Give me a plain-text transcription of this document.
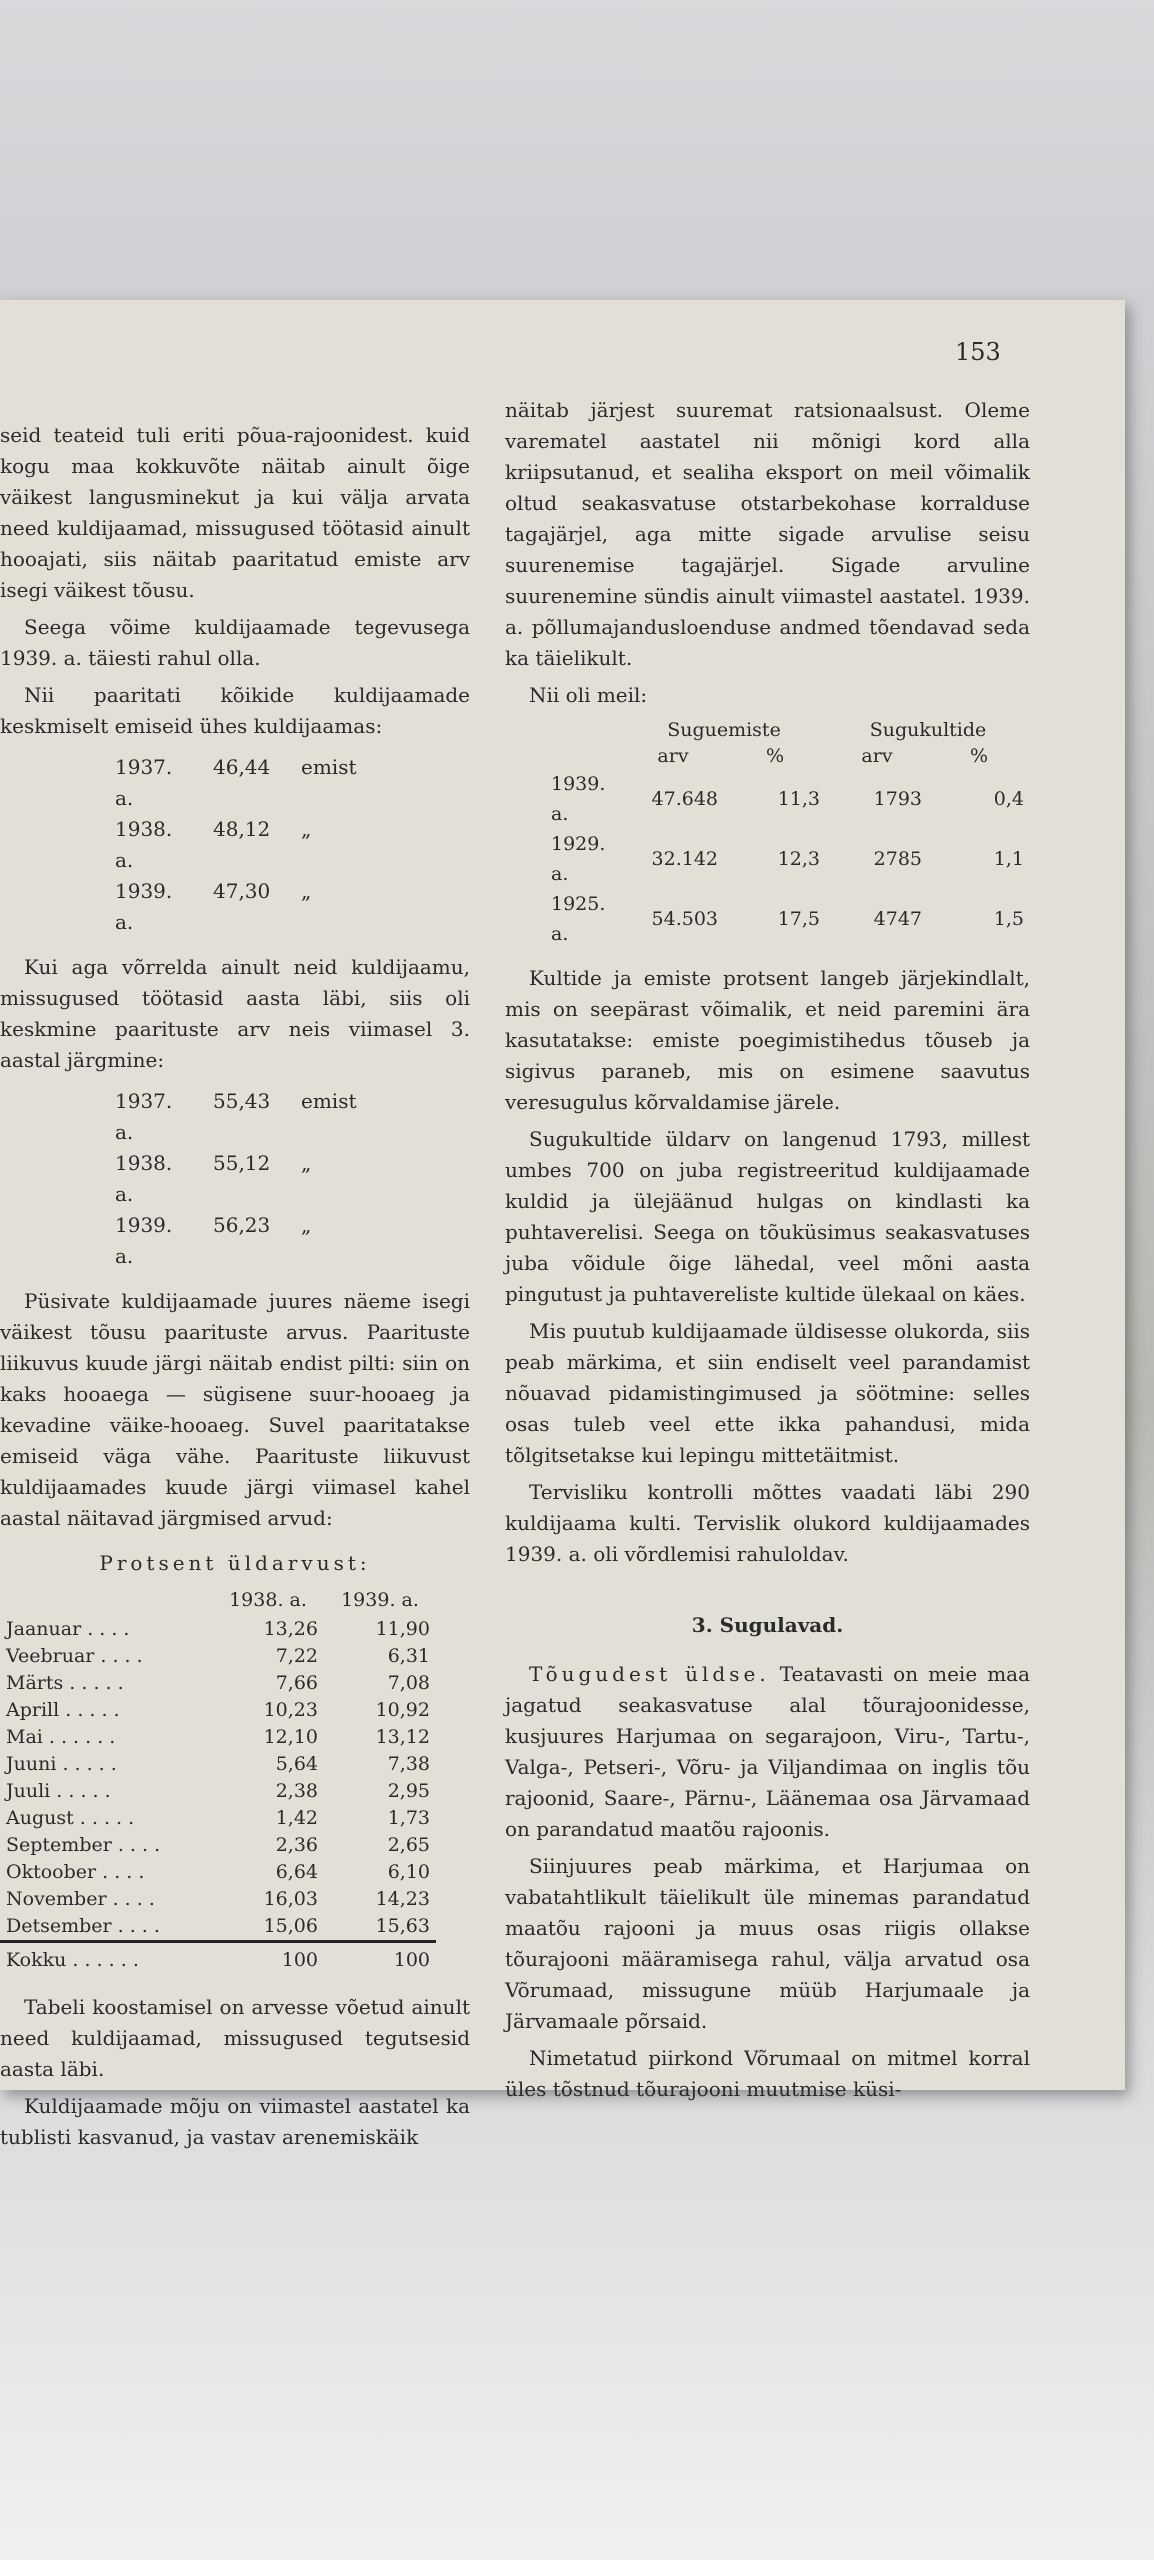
153

seid teateid tuli eriti põua-rajoonidest. kuid kogu maa kokkuvõte näitab ainult õige väikest langusminekut ja kui välja arvata need kuldijaamad, missugused töötasid ainult hooajati, siis näitab paaritatud emiste arv isegi väikest tõusu.

Seega võime kuldijaamade tegevusega 1939. a. täiesti rahul olla.

Nii paaritati kõikide kuldijaamade keskmiselt emiseid ühes kuldijaamas:

1937. a.
46,44	emist
1938. a.
48,12	„
1939. a.
47,30	„

Kui aga võrrelda ainult neid kuldijaamu, missugused töötasid aasta läbi, siis oli keskmine paarituste arv neis viimasel 3. aastal järgmine:

1937. a.
55,43	emist
1938. a.
55,12	„
1939. a.
56,23	„

Püsivate kuldijaamade juures näeme isegi väikest tõusu paarituste arvus. Paarituste liikuvus kuude järgi näitab endist pilti: siin on kaks hooaega — sügisene suur-hooaeg ja kevadine väike-hooaeg. Suvel paaritatakse emiseid väga vähe. Paarituste liikuvust kuldijaamades kuude järgi viimasel kahel aastal näitavad järgmised arvud:

Protsent üldarvust:
	1938. a.	1939. a.
Jaanuar . . . .	13,26	11,90
Veebruar . . . .	7,22	6,31
Märts . . . . .	7,66	7,08
Aprill . . . . .	10,23	10,92
Mai . . . . . .	12,10	13,12
Juuni . . . . .	5,64	7,38
Juuli . . . . .	2,38	2,95
August . . . . .	1,42	1,73
September . . . .	2,36	2,65
Oktoober . . . .	6,64	6,10
November . . . .	16,03	14,23
Detsember . . . .	15,06	15,63
Kokku . . . . . .	100	100

Tabeli koostamisel on arvesse võetud ainult need kuldijaamad, missugused tegutsesid aasta läbi.

Kuldijaamade mõju on viimastel aastatel ka tublisti kasvanud, ja vastav arenemiskäik

näitab järjest suuremat ratsionaalsust. Oleme varematel aastatel nii mõnigi kord alla kriipsutanud, et sealiha eksport on meil võimalik oltud seakasvatuse otstarbekohase korralduse tagajärjel, aga mitte sigade arvulise seisu suurenemise tagajärjel. Sigade arvuline suurenemine sündis ainult viimastel aastatel. 1939. a. põllumajandusloenduse andmed tõendavad seda ka täielikult.

Nii oli meil:

	Suguemiste		Sugukultide	
	arv	%	arv	%
1939. a.	47.648	11,3	1793	0,4
1929. a.	32.142	12,3	2785	1,1
1925. a.	54.503	17,5	4747	1,5

Kultide ja emiste protsent langeb järjekindlalt, mis on seepärast võimalik, et neid paremini ära kasutatakse: emiste poegimistihedus tõuseb ja sigivus paraneb, mis on esimene saavutus veresugulus kõrvaldamise järele.

Sugukultide üldarv on langenud 1793, millest umbes 700 on juba registreeritud kuldijaamade kuldid ja ülejäänud hulgas on kindlasti ka puhtaverelisi. Seega on tõuküsimus seakasvatuses juba võidule õige lähedal, veel mõni aasta pingutust ja puhtavereliste kultide ülekaal on käes.

Mis puutub kuldijaamade üldisesse olukorda, siis peab märkima, et siin endiselt veel parandamist nõuavad pidamistingimused ja söötmine: selles osas tuleb veel ette ikka pahandusi, mida tõlgitsetakse kui lepingu mittetäitmist.

Tervisliku kontrolli mõttes vaadati läbi 290 kuldijaama kulti. Tervislik olukord kuldijaamades 1939. a. oli võrdlemisi rahuloldav.

3. Sugulavad.

Tõugudest üldse. Teatavasti on meie maa jagatud seakasvatuse alal tõurajoonidesse, kusjuures Harjumaa on segarajoon, Viru-, Tartu-, Valga-, Petseri-, Võru- ja Viljandimaa on inglis tõu rajoonid, Saare-, Pärnu-, Läänemaa osa Järvamaad on parandatud maatõu rajoonis.

Siinjuures peab märkima, et Harjumaa on vabatahtlikult täielikult üle minemas parandatud maatõu rajooni ja muus osas riigis ollakse tõurajooni määramisega rahul, välja arvatud osa Võrumaad, missugune müüb Harjumaale ja Järvamaale põrsaid.

Nimetatud piirkond Võrumaal on mitmel korral üles tõstnud tõurajooni muutmise küsi-
